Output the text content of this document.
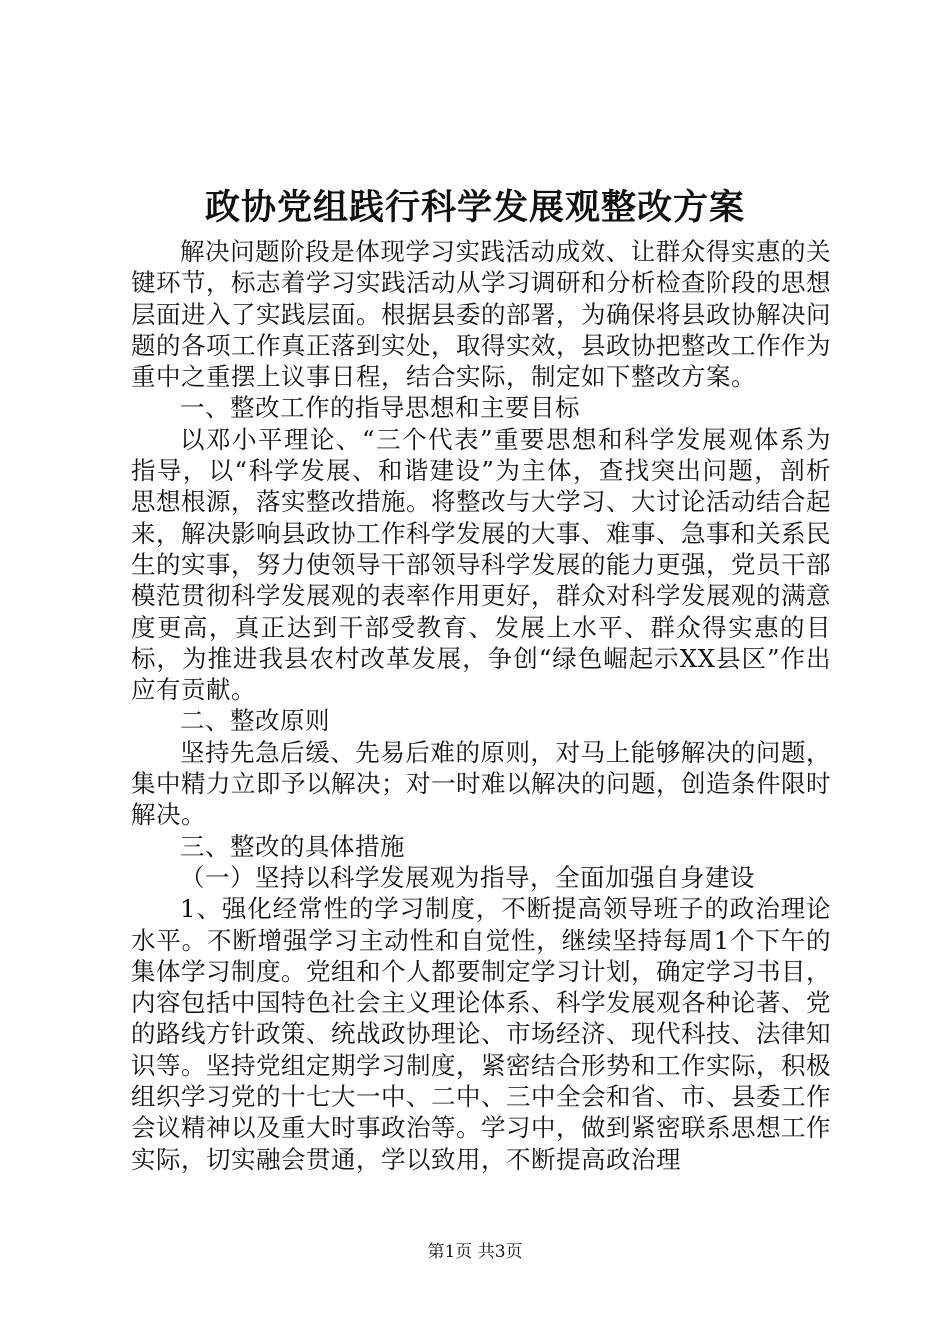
政协党组践行科学发展观整改方案

解决问题阶段是体现学习实践活动成效、让群众得实惠的关键环节，标志着学习实践活动从学习调研和分析检查阶段的思想层面进入了实践层面。根据县委的部署，为确保将县政协解决问题的各项工作真正落到实处，取得实效，县政协把整改工作作为重中之重摆上议事日程，结合实际，制定如下整改方案。

一、整改工作的指导思想和主要目标

以邓小平理论、“三个代表”重要思想和科学发展观体系为指导，以“科学发展、和谐建设”为主体，查找突出问题，剖析思想根源，落实整改措施。将整改与大学习、大讨论活动结合起来，解决影响县政协工作科学发展的大事、难事、急事和关系民生的实事，努力使领导干部领导科学发展的能力更强，党员干部模范贯彻科学发展观的表率作用更好，群众对科学发展观的满意度更高，真正达到干部受教育、发展上水平、群众得实惠的目标，为推进我县农村改革发展，争创“绿色崛起示XX县区”作出应有贡献。

二、整改原则

坚持先急后缓、先易后难的原则，对马上能够解决的问题，集中精力立即予以解决；对一时难以解决的问题，创造条件限时解决。

三、整改的具体措施

（一）坚持以科学发展观为指导，全面加强自身建设

1、强化经常性的学习制度，不断提高领导班子的政治理论水平。不断增强学习主动性和自觉性，继续坚持每周1个下午的集体学习制度。党组和个人都要制定学习计划，确定学习书目，内容包括中国特色社会主义理论体系、科学发展观各种论著、党的路线方针政策、统战政协理论、市场经济、现代科技、法律知识等。坚持党组定期学习制度，紧密结合形势和工作实际，积极组织学习党的十七大一中、二中、三中全会和省、市、县委工作会议精神以及重大时事政治等。学习中，做到紧密联系思想工作实际，切实融会贯通，学以致用，不断提高政治理

第1页 共3页
